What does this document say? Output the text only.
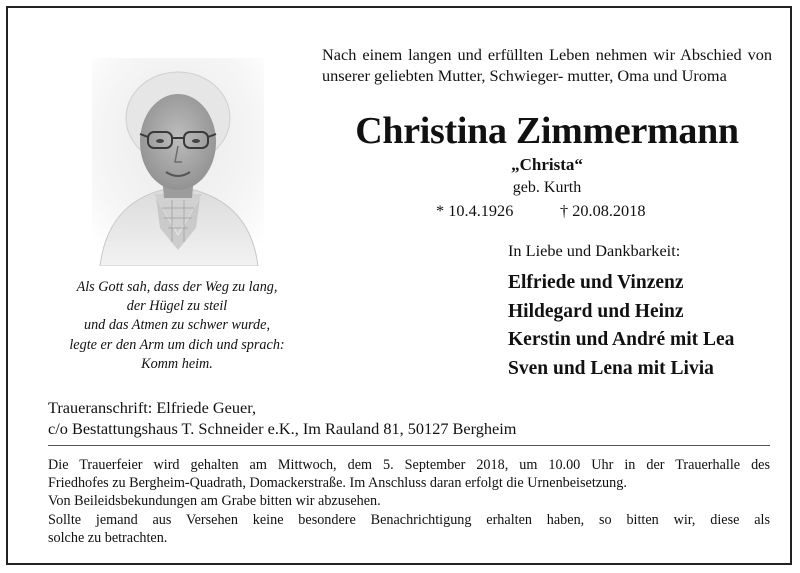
Als Gott sah, dass der Weg zu lang,
der Hügel zu steil
und das Atmen zu schwer wurde,
legte er den Arm um dich und sprach:
Komm heim.
Nach einem langen und erfüllten Leben nehmen wir Abschied von unserer geliebten Mutter, Schwieger- mutter, Oma und Uroma
Christina Zimmermann
„Christa“
geb. Kurth
* 10.4.1926	† 20.08.2018
In Liebe und Dankbarkeit:
Elfriede und Vinzenz
Hildegard und Heinz
Kerstin und André mit Lea
Sven und Lena mit Livia
Traueranschrift: Elfriede Geuer,
c/o Bestattungshaus T. Schneider e.K., Im Rauland 81, 50127 Bergheim
Die Trauerfeier wird gehalten am Mittwoch, dem 5. September 2018, um 10.00 Uhr in der Trauerhalle des
Friedhofes zu Bergheim-Quadrath, Domackerstraße. Im Anschluss daran erfolgt die Urnenbeisetzung.
Von Beileidsbekundungen am Grabe bitten wir abzusehen.
Sollte jemand aus Versehen keine besondere Benachrichtigung erhalten haben, so bitten wir, diese als
solche zu betrachten.
